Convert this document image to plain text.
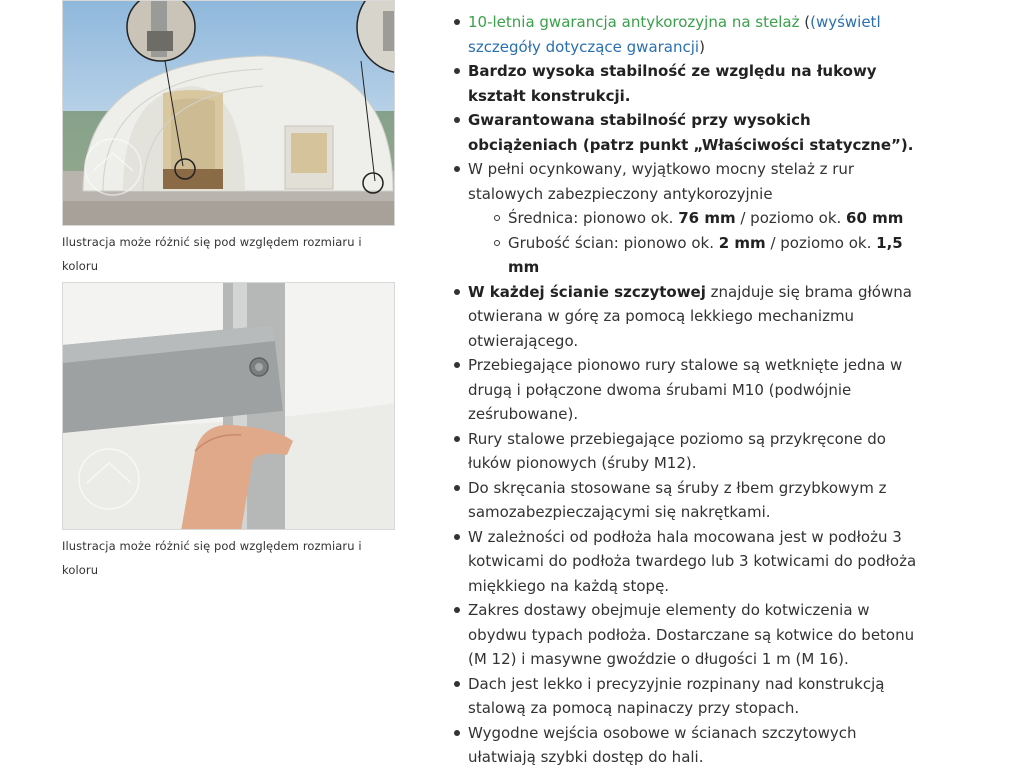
Ilustracja może różnić się pod względem rozmiaru i koloru
Ilustracja może różnić się pod względem rozmiaru i koloru
10-letnia gwarancja antykorozyjna na stelaż ((wyświetl szczegóły dotyczące gwarancji)
Bardzo wysoka stabilność ze względu na łukowy kształt konstrukcji.
Gwarantowana stabilność przy wysokich obciążeniach (patrz punkt „Właściwości statyczne”).
W pełni ocynkowany, wyjątkowo mocny stelaż z rur stalowych zabezpieczony antykorozyjnie
Średnica: pionowo ok. 76 mm / poziomo ok. 60 mm
Grubość ścian: pionowo ok. 2 mm / poziomo ok. 1,5 mm
W każdej ścianie szczytowej znajduje się brama główna otwierana w górę za pomocą lekkiego mechanizmu otwierającego.
Przebiegające pionowo rury stalowe są wetknięte jedna w drugą i połączone dwoma śrubami M10 (podwójnie ześrubowane).
Rury stalowe przebiegające poziomo są przykręcone do łuków pionowych (śruby M12).
Do skręcania stosowane są śruby z łbem grzybkowym z samozabezpieczającymi się nakrętkami.
W zależności od podłoża hala mocowana jest w podłożu 3 kotwicami do podłoża twardego lub 3 kotwicami do podłoża miękkiego na każdą stopę.
Zakres dostawy obejmuje elementy do kotwiczenia w obydwu typach podłoża. Dostarczane są kotwice do betonu (M 12) i masywne gwoździe o długości 1 m (M 16).
Dach jest lekko i precyzyjnie rozpinany nad konstrukcją stalową za pomocą napinaczy przy stopach.
Wygodne wejścia osobowe w ścianach szczytowych ułatwiają szybki dostęp do hali.
